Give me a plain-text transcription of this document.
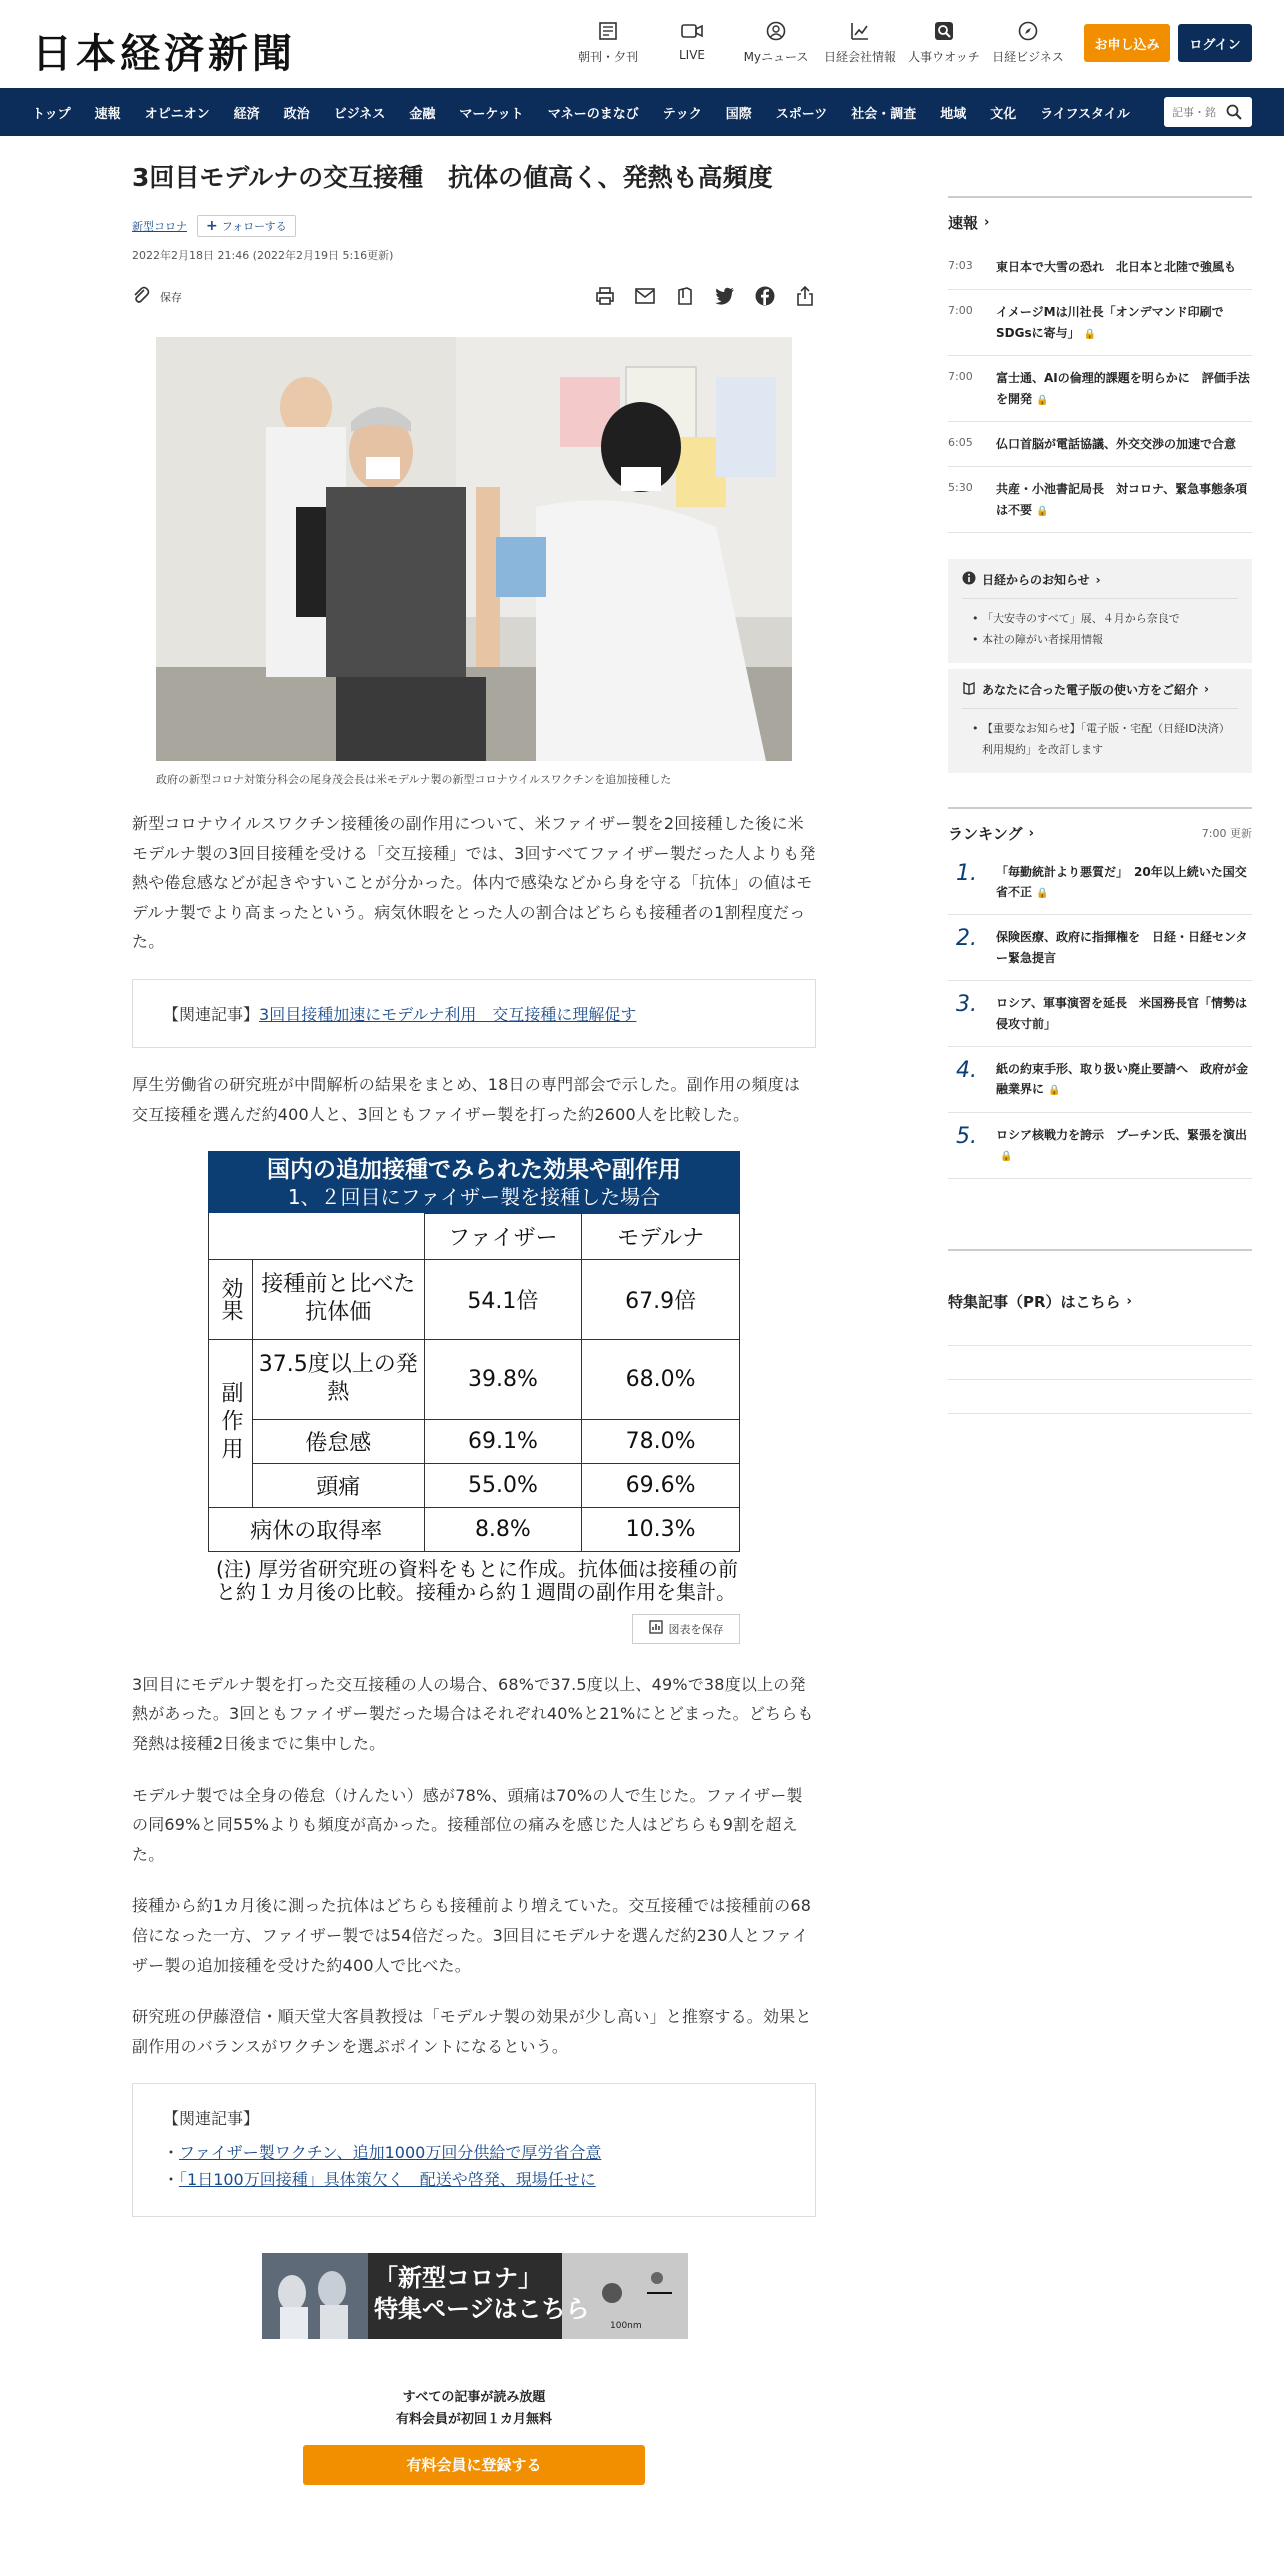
日本経済新聞	朝刊・夕刊	LIVE	Myニュース 日経会社情報 人事ウオッチ 日経ビジネス
お申し込み	ログイン
トップ	速報	オピニオン	経済	政治	ビジネス	金融	マーケット	マネーのまなび	テック	国際	スポーツ	社会・調査	地域	文化	ライフスタイル
記事・銘
3回目モデルナの交互接種　抗体の値高く、発熱も高頻度
新型コロナ + フォローする
2022年2月18日 21:46 (2022年2月19日 5:16更新)
保存
政府の新型コロナ対策分科会の尾身茂会長は米モデルナ製の新型コロナウイルスワクチンを追加接種した

新型コロナウイルスワクチン接種後の副作用について、米ファイザー製を2回接種した後に米モデルナ製の3回目接種を受ける「交互接種」では、3回すべてファイザー製だった人よりも発熱や倦怠感などが起きやすいことが分かった。体内で感染などから身を守る「抗体」の値はモデルナ製でより高まったという。病気休暇をとった人の割合はどちらも接種者の1割程度だった。

【関連記事】3回目接種加速にモデルナ利用　交互接種に理解促す

厚生労働省の研究班が中間解析の結果をまとめ、18日の専門部会で示した。副作用の頻度は交互接種を選んだ約400人と、3回ともファイザー製を打った約2600人を比較した。

国内の追加接種でみられた効果や副作用
1、２回目にファイザー製を接種した場合
		ファイザー	モデルナ
効果	接種前と比べた抗体価	54.1倍	67.9倍
副作用	37.5度以上の発熱	39.8%	68.0%
	倦怠感	69.1%	78.0%
	頭痛	55.0%	69.6%
病休の取得率		8.8%	10.3%
(注) 厚労省研究班の資料をもとに作成。抗体価は接種の前と約１カ月後の比較。接種から約１週間の副作用を集計。
図表を保存

3回目にモデルナ製を打った交互接種の人の場合、68%で37.5度以上、49%で38度以上の発熱があった。3回ともファイザー製だった場合はそれぞれ40%と21%にとどまった。どちらも発熱は接種2日後までに集中した。

モデルナ製では全身の倦怠（けんたい）感が78%、頭痛は70%の人で生じた。ファイザー製の同69%と同55%よりも頻度が高かった。接種部位の痛みを感じた人はどちらも9割を超えた。

接種から約1カ月後に測った抗体はどちらも接種前より増えていた。交互接種では接種前の68倍になった一方、ファイザー製では54倍だった。3回目にモデルナを選んだ約230人とファイザー製の追加接種を受けた約400人で比べた。

研究班の伊藤澄信・順天堂大客員教授は「モデルナ製の効果が少し高い」と推察する。効果と副作用のバランスがワクチンを選ぶポイントになるという。

【関連記事】
・ファイザー製ワクチン、追加1000万回分供給で厚労省合意
・「1日100万回接種」具体策欠く　配送や啓発、現場任せに
「新型コロナ」
特集ページはこちら
100nm
すべての記事が読み放題
有料会員が初回１カ月無料
有料会員に登録する
速報 ›
7:03	東日本で大雪の恐れ　北日本と北陸で強風も
7:00	イメージMは川社長「オンデマンド印刷でSDGsに寄与」 🔒
7:00	富士通、AIの倫理的課題を明らかに　評価手法を開発 🔒
6:05	仏口首脳が電話協議、外交交渉の加速で合意
5:30	共産・小池書記局長　対コロナ、緊急事態条項は不要 🔒
日経からのお知らせ ›
• 「大安寺のすべて」展、４月から奈良で
• 本社の障がい者採用情報
あなたに合った電子版の使い方をご紹介 ›
• 【重要なお知らせ】「電子版・宅配（日経ID決済）利用規約」を改訂します
ランキング ›	7:00 更新
1.	「毎勤統計より悪質だ」　20年以上続いた国交省不正 🔒
2.	保険医療、政府に指揮権を　日経・日経センター緊急提言
3.	ロシア、軍事演習を延長　米国務長官「情勢は侵攻寸前」
4.	紙の約束手形、取り扱い廃止要請へ　政府が金融業界に 🔒
5.	ロシア核戦力を誇示　プーチン氏、緊張を演出🔒
特集記事（PR）はこちら ›
